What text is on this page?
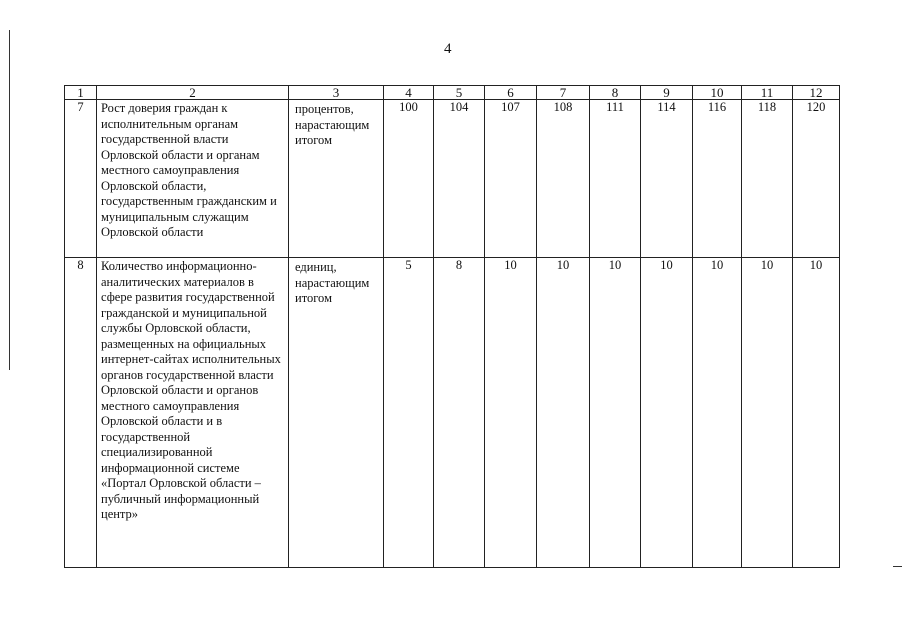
4
1	2	3	4	5	6	7	8	9	10	11	12
7	Рост доверия граждан к исполнительным органам государственной власти Орловской области и органам местного самоуправления Орловской области, государственным гражданским и муниципальным служащим Орловской области	процентов, нарастающим итогом	100	104	107	108	111	114	116	118	120
8	Количество информационно-аналитических материалов в сфере развития государственной гражданской и муниципальной службы Орловской области, размещенных на официальных интернет-сайтах исполнительных органов государственной власти Орловской области и органов местного самоуправления Орловской области и в государственной специализированной информационной системе «Портал Орловской области – публичный информационный центр»	единиц, нарастающим итогом	5	8	10	10	10	10	10	10	10
